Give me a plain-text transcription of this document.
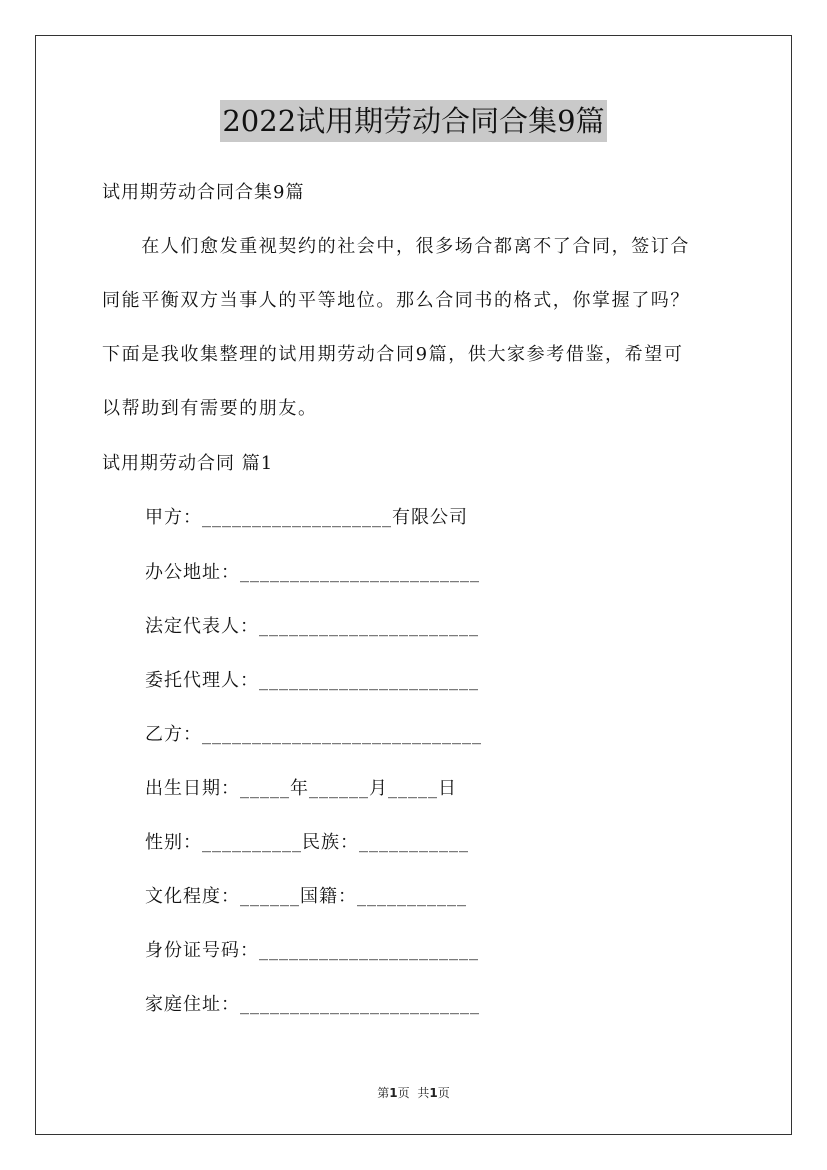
2022试用期劳动合同合集9篇
试用期劳动合同合集9篇
　　在人们愈发重视契约的社会中，很多场合都离不了合同，签订合
同能平衡双方当事人的平等地位。那么合同书的格式，你掌握了吗？
下面是我收集整理的试用期劳动合同9篇，供大家参考借鉴，希望可
以帮助到有需要的朋友。
试用期劳动合同 篇1
甲方：___________________有限公司
办公地址：________________________
法定代表人：______________________
委托代理人：______________________
乙方：____________________________
出生日期：_____年______月_____日
性别：__________民族：___________
文化程度：______国籍：___________
身份证号码：______________________
家庭住址：________________________
第1页 共1页
